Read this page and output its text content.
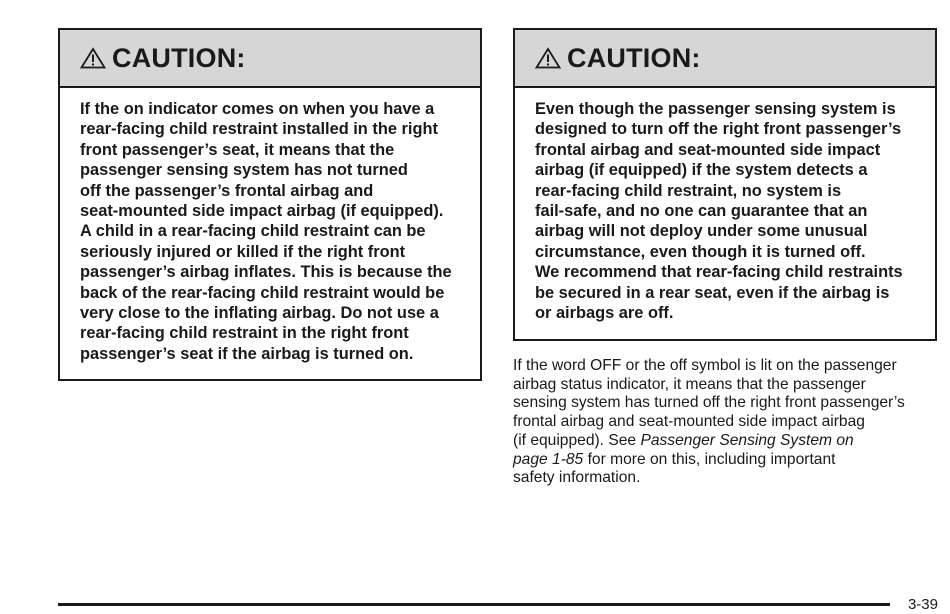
CAUTION:
If the on indicator comes on when you have a
rear-facing child restraint installed in the right
front passenger’s seat, it means that the
passenger sensing system has not turned
off the passenger’s frontal airbag and
seat-mounted side impact airbag (if equipped).
A child in a rear-facing child restraint can be
seriously injured or killed if the right front
passenger’s airbag inflates. This is because the
back of the rear-facing child restraint would be
very close to the inflating airbag. Do not use a
rear-facing child restraint in the right front
passenger’s seat if the airbag is turned on.
CAUTION:
Even though the passenger sensing system is
designed to turn off the right front passenger’s
frontal airbag and seat-mounted side impact
airbag (if equipped) if the system detects a
rear-facing child restraint, no system is
fail-safe, and no one can guarantee that an
airbag will not deploy under some unusual
circumstance, even though it is turned off.
We recommend that rear-facing child restraints
be secured in a rear seat, even if the airbag is
or airbags are off.
If the word OFF or the off symbol is lit on the passenger
airbag status indicator, it means that the passenger
sensing system has turned off the right front passenger’s
frontal airbag and seat-mounted side impact airbag
(if equipped). See Passenger Sensing System on
page 1-85 for more on this, including important
safety information.
3-39
